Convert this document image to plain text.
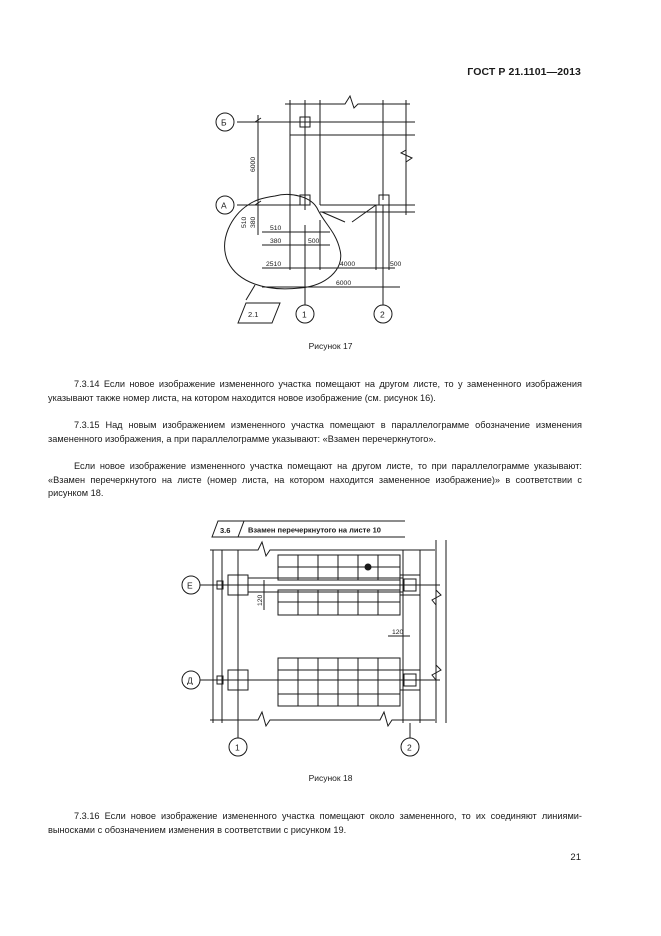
ГОСТ Р 21.1101—2013
Б
А
1	2
2.1
6000
510 380
510
380	500
2510	4000	500
6000
Рисунок 17
7.3.14 Если новое изображение измененного участка помещают на другом листе, то у замененного изображения указывают также номер листа, на котором находится новое изображение (см. рисунок 16).
7.3.15 Над новым изображением измененного участка помещают в параллелограмме обозначение изменения замененного изображения, а при параллелограмме указывают: «Взамен перечеркнутого».
Если новое изображение измененного участка помещают на другом листе, то при параллелограмме указывают: «Взамен перечеркнутого на листе (номер листа, на котором находится замененное изображение)» в соответствии с рисунком 18.
3.6 Взамен перечеркнутого на листе 10
Е
Д
1	2
120
120
Рисунок 18
7.3.16 Если новое изображение измененного участка помещают около замененного, то их соединяют линиями-выносками с обозначением изменения в соответствии с рисунком 19.
21
